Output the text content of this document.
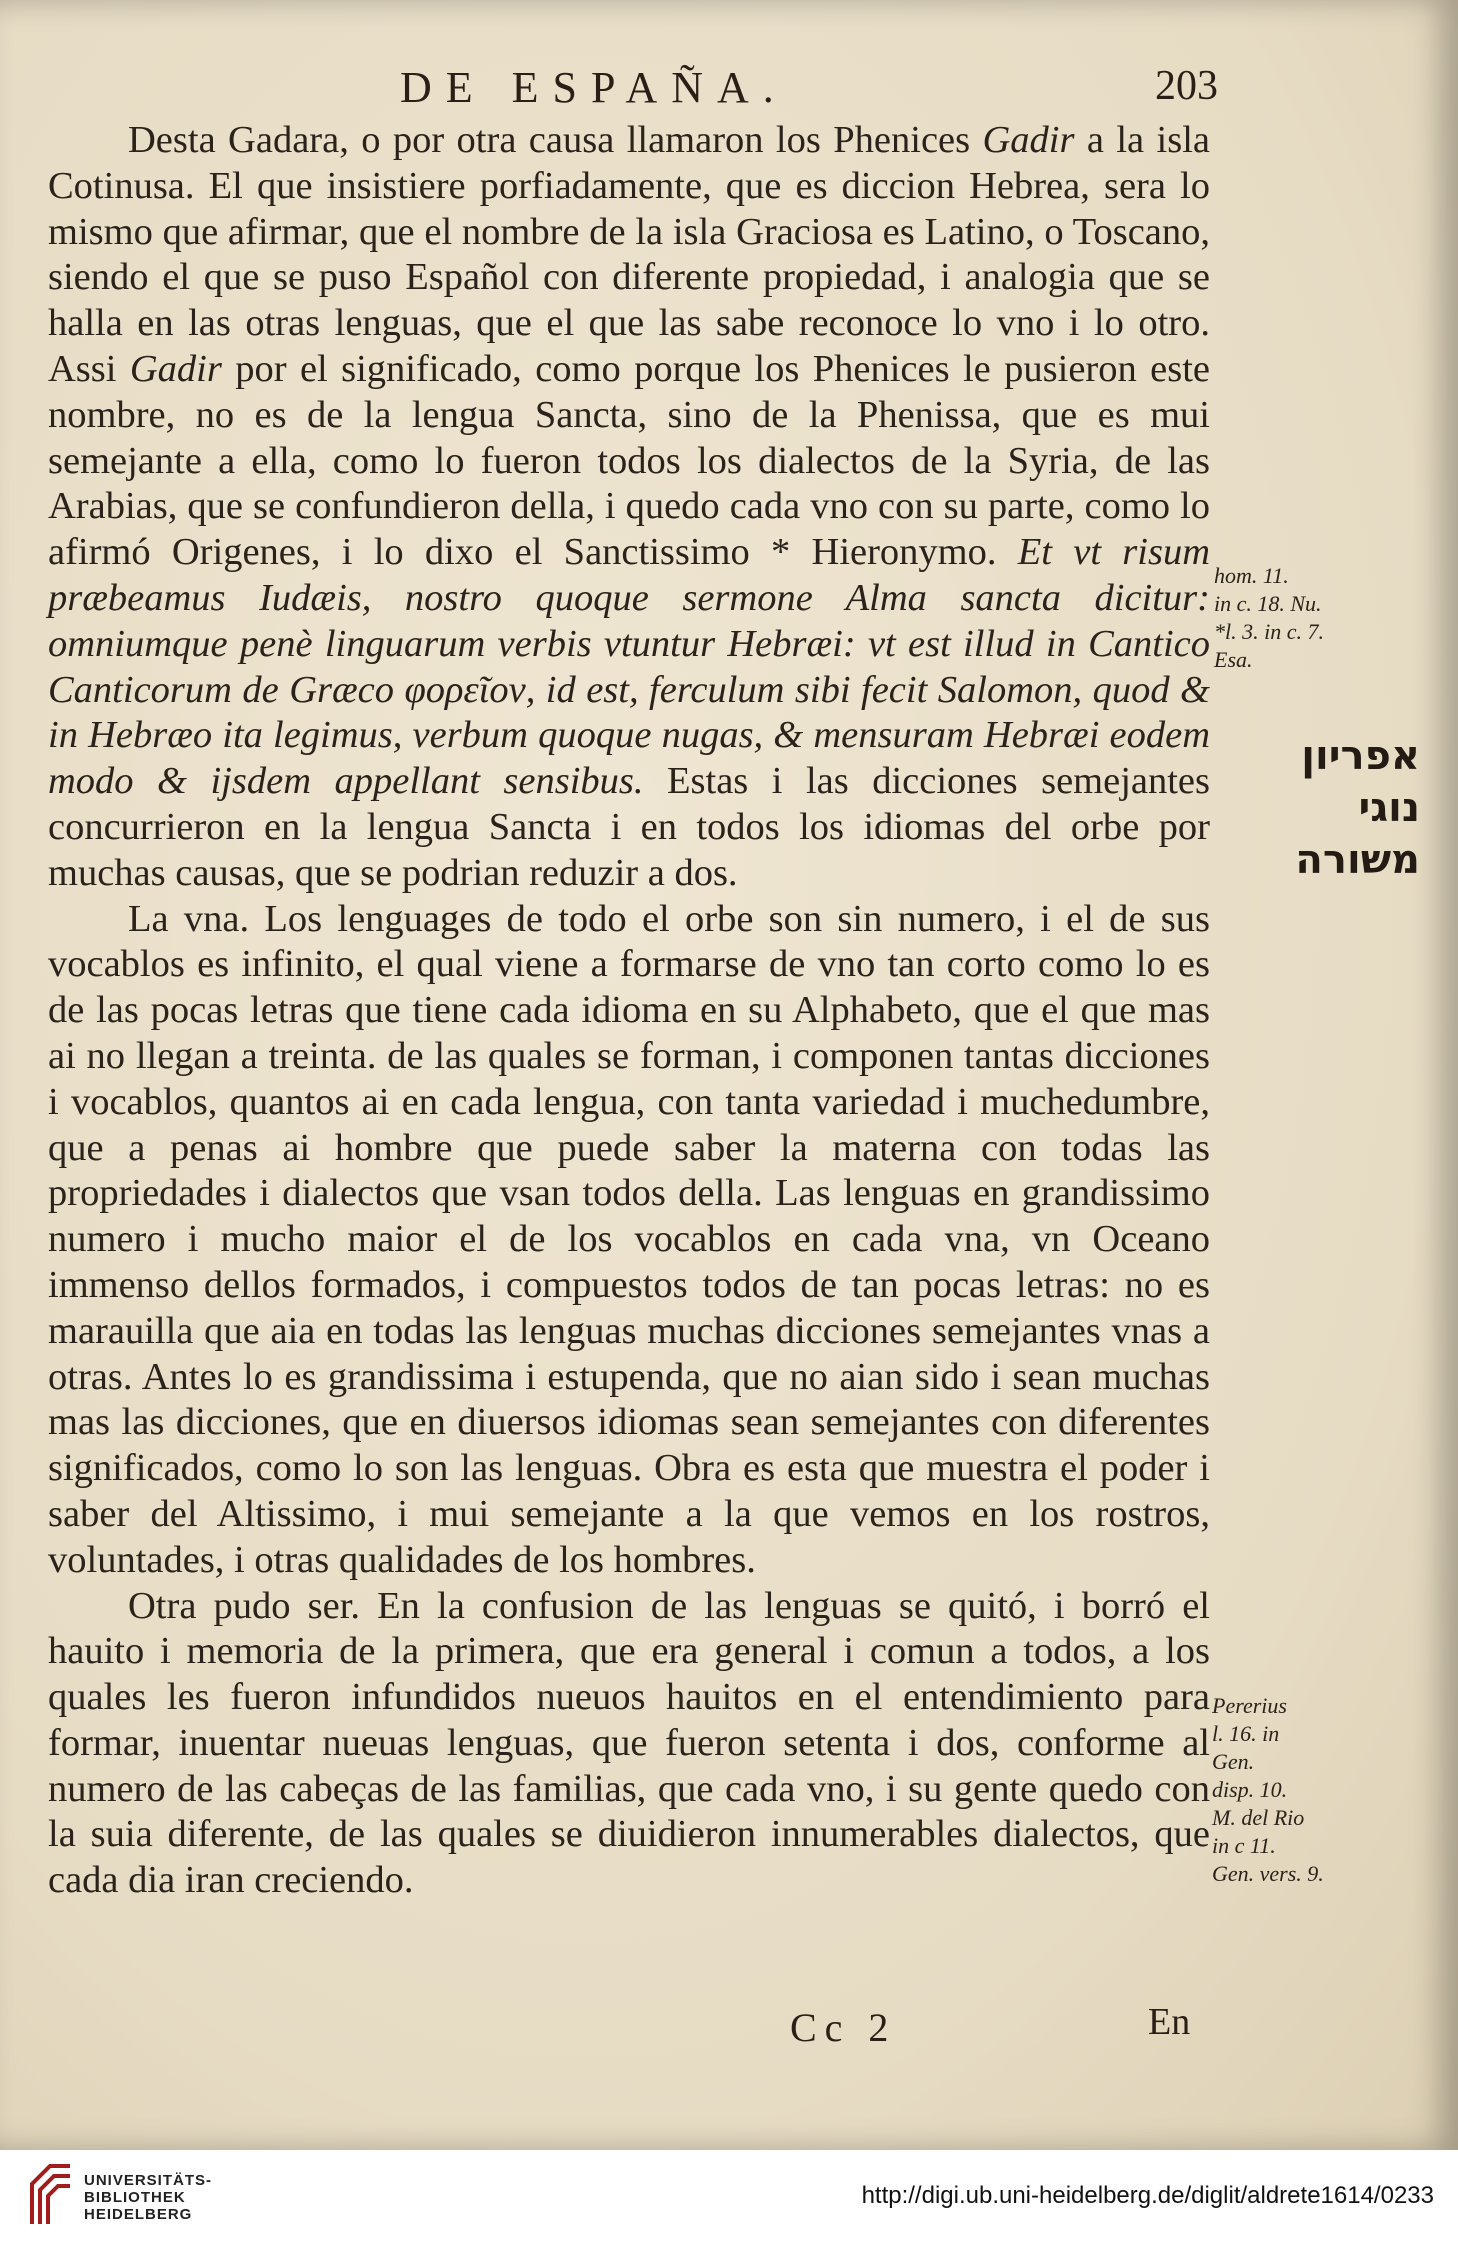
DE ESPAÑA.	203

Desta Gadara, o por otra causa llamaron los Phenices Gadir a la isla Cotinusa. El que insistiere porfiadamente, que es diccion Hebrea, sera lo mismo que afirmar, que el nombre de la isla Graciosa es Latino, o Toscano, siendo el que se puso Español con diferente propiedad, i analogia que se halla en las otras lenguas, que el que las sabe reconoce lo vno i lo otro. Assi Gadir por el significado, como porque los Phenices le pusieron este nombre, no es de la lengua Sancta, sino de la Phenissa, que es mui semejante a ella, como lo fueron todos los dialectos de la Syria, de las Arabias, que se confundieron della, i quedo cada vno con su parte, como lo afirmó Origenes, i lo dixo el Sanctissimo * Hieronymo. Et vt risum præbeamus Iudæis, nostro quoque sermone Alma sancta dicitur: omniumque penè linguarum verbis vtuntur Hebræi: vt est illud in Cantico Canticorum de Græco φορεῖον, id est, ferculum sibi fecit Salomon, quod & in Hebræo ita legimus, verbum quoque nugas, & mensuram Hebræi eodem modo & ijsdem appellant sensibus. Estas i las dicciones semejantes concurrieron en la lengua Sancta i en todos los idiomas del orbe por muchas causas, que se podrian reduzir a dos.

La vna. Los lenguages de todo el orbe son sin numero, i el de sus vocablos es infinito, el qual viene a formarse de vno tan corto como lo es de las pocas letras que tiene cada idioma en su Alphabeto, que el que mas ai no llegan a treinta. de las quales se forman, i componen tantas dicciones i vocablos, quantos ai en cada lengua, con tanta variedad i muchedumbre, que a penas ai hombre que puede saber la materna con todas las propriedades i dialectos que vsan todos della. Las lenguas en grandissimo numero i mucho maior el de los vocablos en cada vna, vn Oceano immenso dellos formados, i compuestos todos de tan pocas letras: no es marauilla que aia en todas las lenguas muchas dicciones semejantes vnas a otras. Antes lo es grandissima i estupenda, que no aian sido i sean muchas mas las dicciones, que en diuersos idiomas sean semejantes con diferentes significados, como lo son las lenguas. Obra es esta que muestra el poder i saber del Altissimo, i mui semejante a la que vemos en los rostros, voluntades, i otras qualidades de los hombres.

Otra pudo ser. En la confusion de las lenguas se quitó, i borró el hauito i memoria de la primera, que era general i comun a todos, a los quales les fueron infundidos nueuos hauitos en el entendimiento para formar, inuentar nueuas lenguas, que fueron setenta i dos, conforme al numero de las cabeças de las familias, que cada vno, i su gente quedo con la suia diferente, de las quales se diuidieron innumerables dialectos, que cada dia iran creciendo.

hom. 11.
in c. 18. Nu.
*l. 3. in c. 7.
Esa.
אפריון
נוגי
משורה
Pererius
l. 16. in
Gen.
disp. 10.
M. del Rio
in c 11.
Gen. vers. 9.
Cc 2	En
UNIVERSITÄTS-
BIBLIOTHEK
HEIDELBERG
http://digi.ub.uni-heidelberg.de/diglit/aldrete1614/0233
